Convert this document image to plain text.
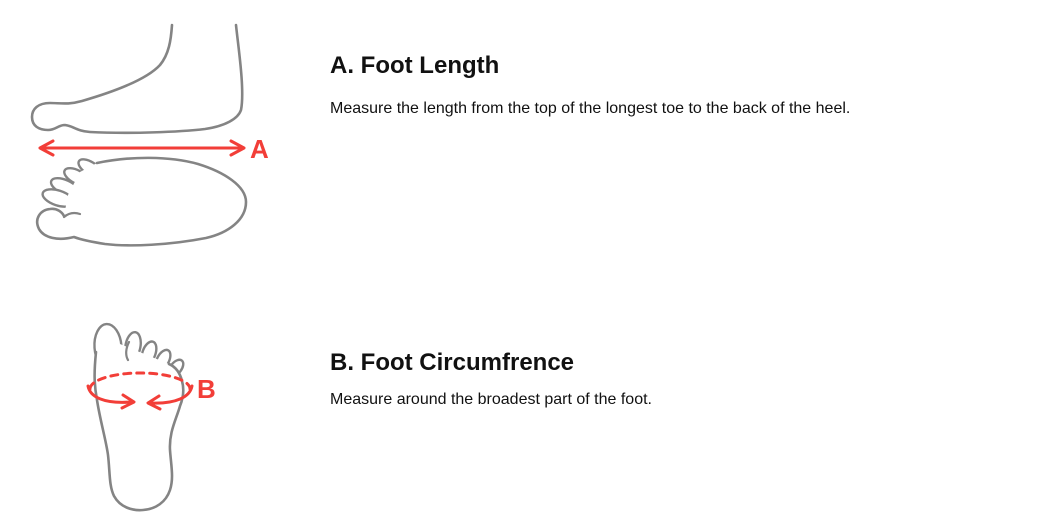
A
B
A. Foot Length

Measure the length from the top of the longest toe to the back of the heel.

B. Foot Circumfrence

Measure around the broadest part of the foot.
